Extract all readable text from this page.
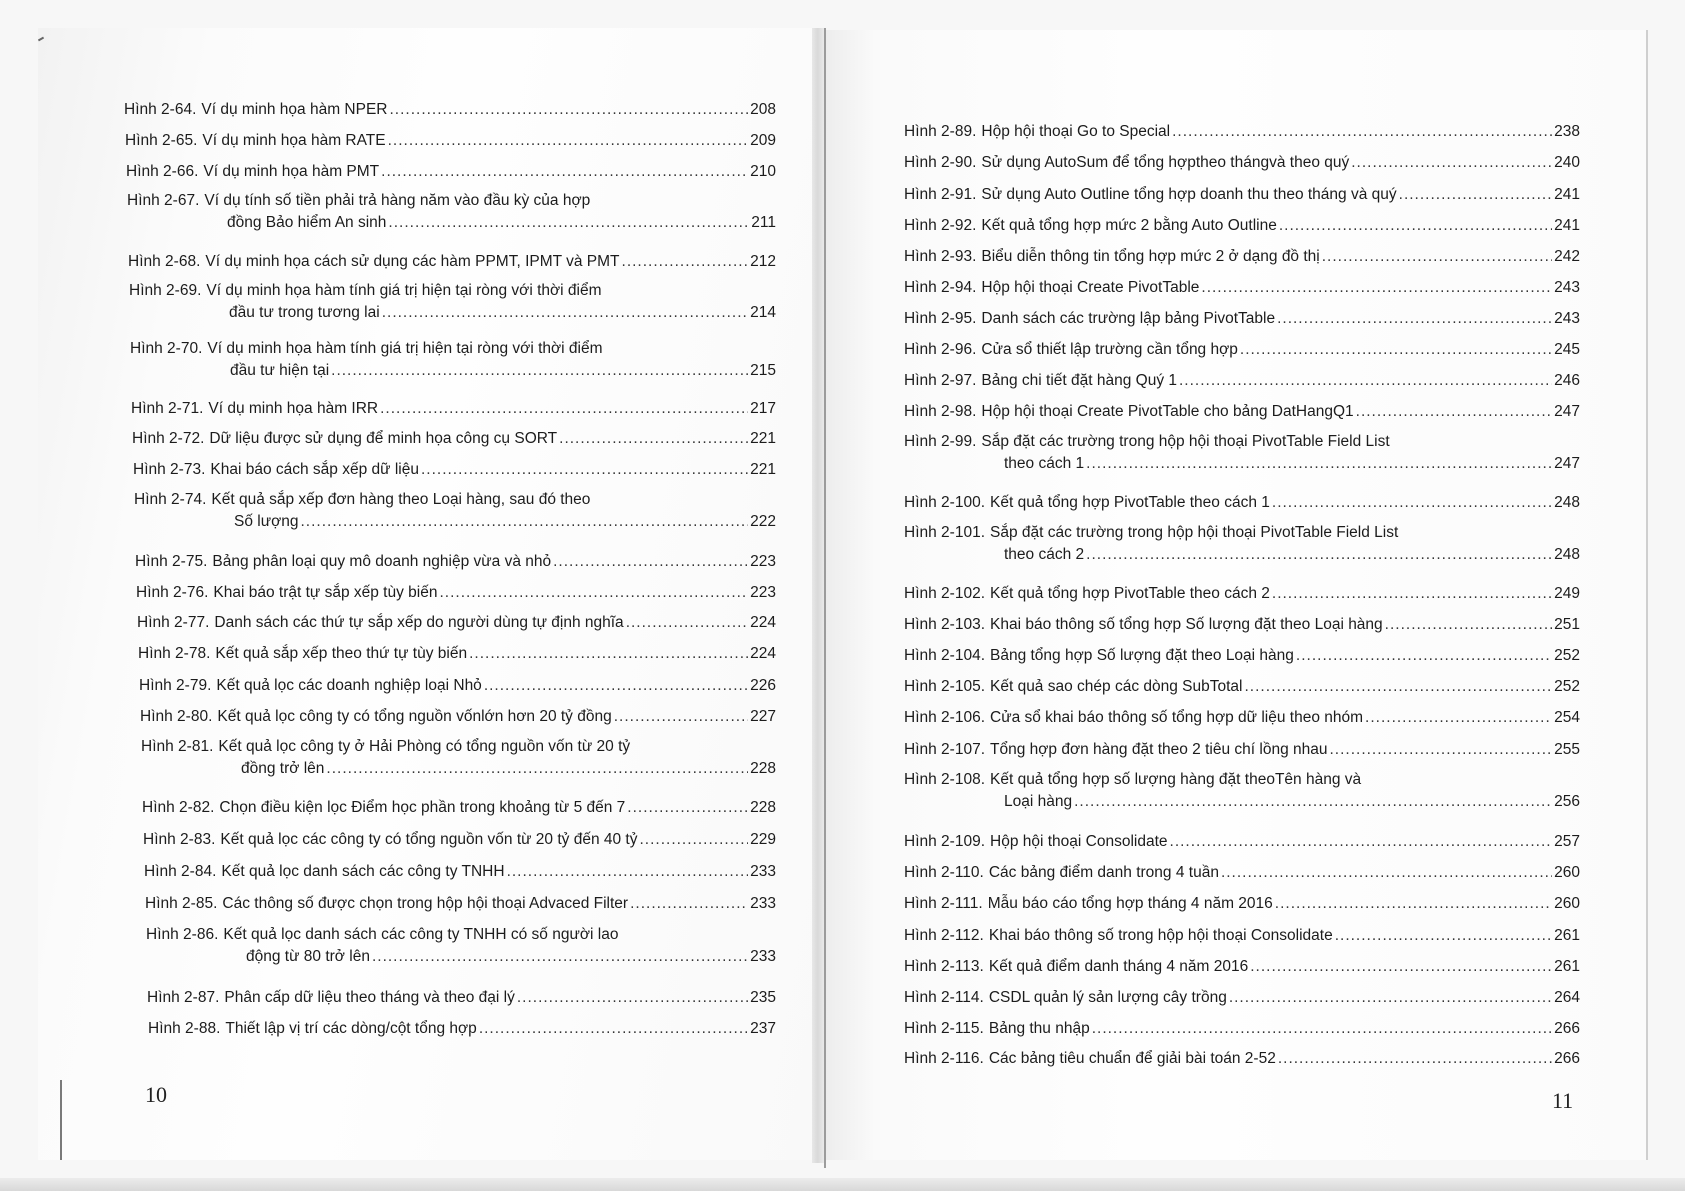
Hình 2-64. Ví dụ minh họa hàm NPER .....	208
Hình 2-65. Ví dụ minh họa hàm RATE .....	209
Hình 2-66. Ví dụ minh họa hàm PMT .....	210
Hình 2-67. Ví dụ tính số tiền phải trả hàng năm vào đầu kỳ của hợp
đồng Bảo hiểm An sinh .....	211
Hình 2-68. Ví dụ minh họa cách sử dụng các hàm PPMT, IPMT và PMT .....	212
Hình 2-69. Ví dụ minh họa hàm tính giá trị hiện tại ròng với thời điểm
đầu tư trong tương lai .....	214
Hình 2-70. Ví dụ minh họa hàm tính giá trị hiện tại ròng với thời điểm
đầu tư hiện tại .....	215
Hình 2-71. Ví dụ minh họa hàm IRR .....	217
Hình 2-72. Dữ liệu được sử dụng để minh họa công cụ SORT .....	221
Hình 2-73. Khai báo cách sắp xếp dữ liệu .....	221
Hình 2-74. Kết quả sắp xếp đơn hàng theo Loại hàng, sau đó theo
Số lượng .....	222
Hình 2-75. Bảng phân loại quy mô doanh nghiệp vừa và nhỏ .....	223
Hình 2-76. Khai báo trật tự sắp xếp tùy biến .....	223
Hình 2-77. Danh sách các thứ tự sắp xếp do người dùng tự định nghĩa .....	224
Hình 2-78. Kết quả sắp xếp theo thứ tự tùy biến .....	224
Hình 2-79. Kết quả lọc các doanh nghiệp loại Nhỏ .....	226
Hình 2-80. Kết quả lọc công ty có tổng nguồn vốnlớn hơn 20 tỷ đồng .....	227
Hình 2-81. Kết quả lọc công ty ở Hải Phòng có tổng nguồn vốn từ 20 tỷ
đồng trở lên .....	228
Hình 2-82. Chọn điều kiện lọc Điểm học phần trong khoảng từ 5 đến 7 .....	228
Hình 2-83. Kết quả lọc các công ty có tổng nguồn vốn từ 20 tỷ đến 40 tỷ .....	229
Hình 2-84. Kết quả lọc danh sách các công ty TNHH .....	233
Hình 2-85. Các thông số được chọn trong hộp hội thoại Advaced Filter .....	233
Hình 2-86. Kết quả lọc danh sách các công ty TNHH có số người lao
động từ 80 trở lên .....	233
Hình 2-87. Phân cấp dữ liệu theo tháng và theo đại lý .....	235
Hình 2-88. Thiết lập vị trí các dòng/cột tổng hợp .....	237
Hình 2-89. Hộp hội thoại Go to Special .....	238
Hình 2-90. Sử dụng AutoSum để tổng hợptheo thángvà theo quý .....	240
Hình 2-91. Sử dụng Auto Outline tổng hợp doanh thu theo tháng và quý .....	241
Hình 2-92. Kết quả tổng hợp mức 2 bằng Auto Outline .....	241
Hình 2-93. Biểu diễn thông tin tổng hợp mức 2 ở dạng đồ thị .....	242
Hình 2-94. Hộp hội thoại Create PivotTable .....	243
Hình 2-95. Danh sách các trường lập bảng PivotTable .....	243
Hình 2-96. Cửa sổ thiết lập trường cần tổng hợp .....	245
Hình 2-97. Bảng chi tiết đặt hàng Quý 1 .....	246
Hình 2-98. Hộp hội thoại Create PivotTable cho bảng DatHangQ1 .....	247
Hình 2-99. Sắp đặt các trường trong hộp hội thoại PivotTable Field List
theo cách 1 .....	247
Hình 2-100. Kết quả tổng hợp PivotTable theo cách 1 .....	248
Hình 2-101. Sắp đặt các trường trong hộp hội thoại PivotTable Field List
theo cách 2 .....	248
Hình 2-102. Kết quả tổng hợp PivotTable theo cách 2 .....	249
Hình 2-103. Khai báo thông số tổng hợp Số lượng đặt theo Loại hàng .....	251
Hình 2-104. Bảng tổng hợp Số lượng đặt theo Loại hàng .....	252
Hình 2-105. Kết quả sao chép các dòng SubTotal .....	252
Hình 2-106. Cửa sổ khai báo thông số tổng hợp dữ liệu theo nhóm .....	254
Hình 2-107. Tổng hợp đơn hàng đặt theo 2 tiêu chí lồng nhau .....	255
Hình 2-108. Kết quả tổng hợp số lượng hàng đặt theoTên hàng và
Loại hàng .....	256
Hình 2-109. Hộp hội thoại Consolidate .....	257
Hình 2-110. Các bảng điểm danh trong 4 tuần .....	260
Hình 2-111. Mẫu báo cáo tổng hợp tháng 4 năm 2016 .....	260
Hình 2-112. Khai báo thông số trong hộp hội thoại Consolidate .....	261
Hình 2-113. Kết quả điểm danh tháng 4 năm 2016 .....	261
Hình 2-114. CSDL quản lý sản lượng cây trồng .....	264
Hình 2-115. Bảng thu nhập .....	266
Hình 2-116. Các bảng tiêu chuẩn để giải bài toán 2-52 .....	266
10	11
